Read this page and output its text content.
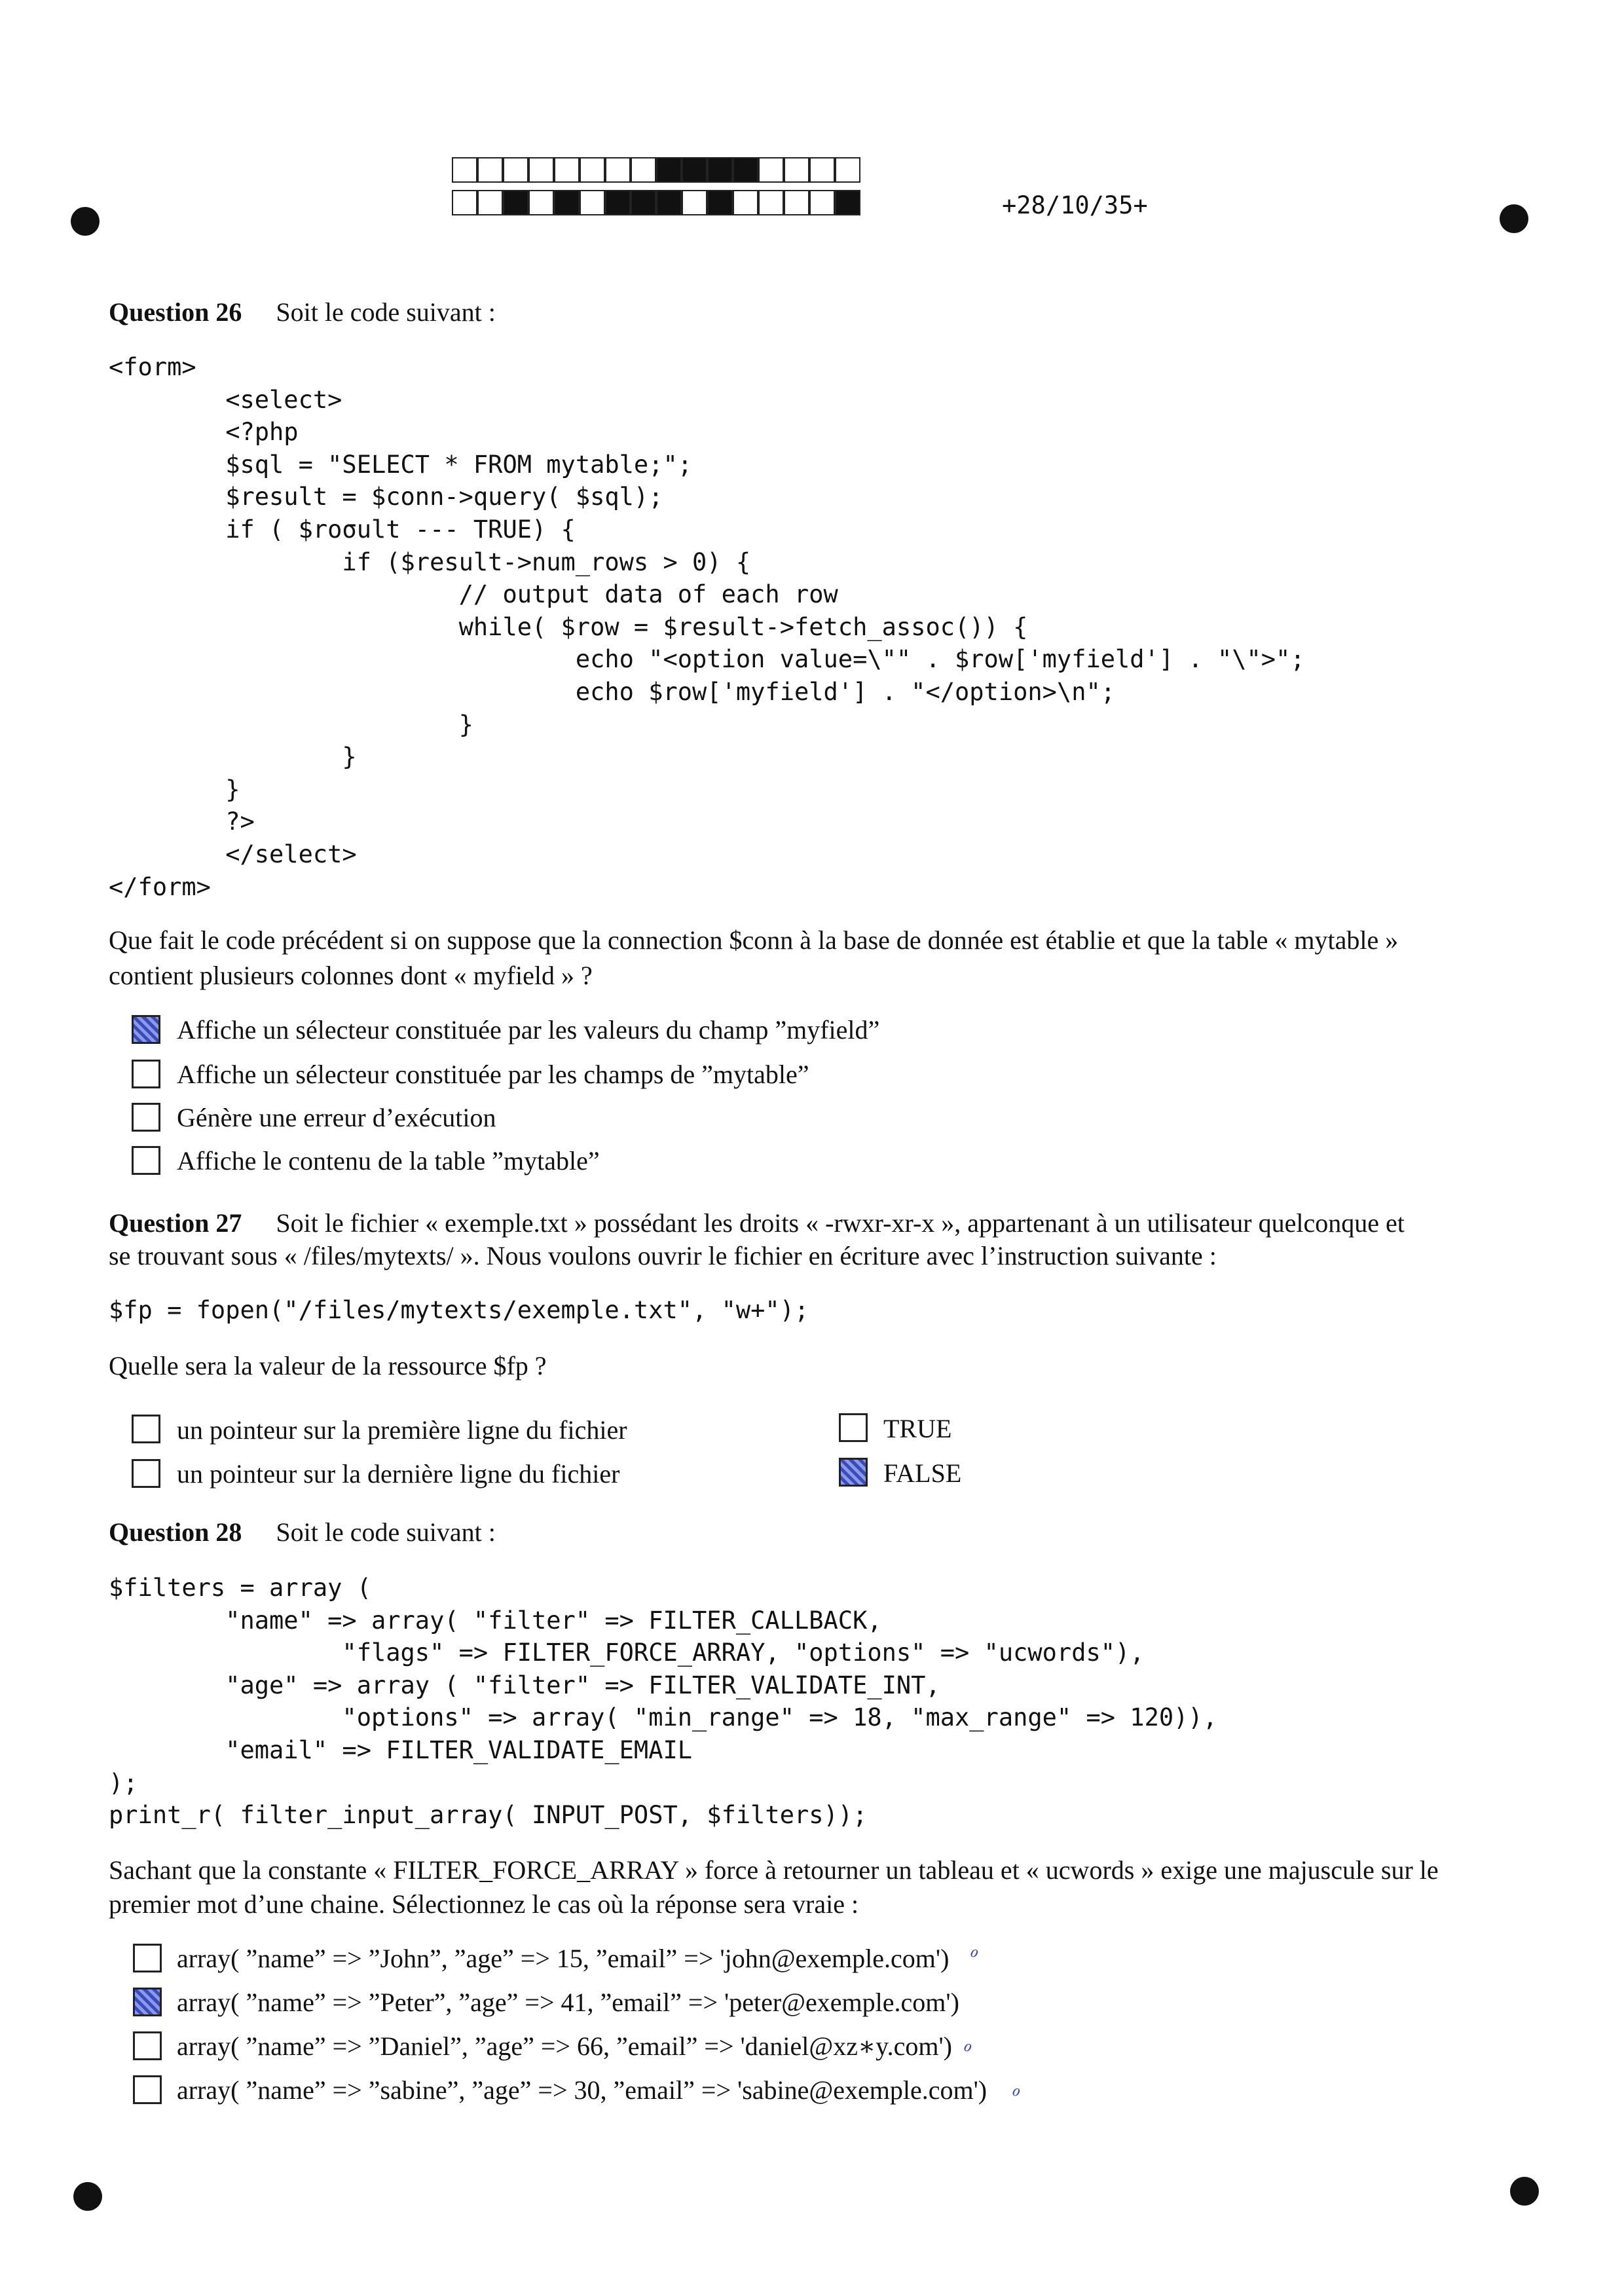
+28/10/35+
Question 26 Soit le code suivant :
<form>
<select>
<?php
$sql = "SELECT * FROM mytable;";
$result = $conn->query( $sql);
if ( $roσult --- TRUE) {
if ($result->num_rows > 0) {
// output data of each row
while( $row = $result->fetch_assoc()) {
echo "<option value=\"" . $row['myfield'] . "\">";
echo $row['myfield'] . "</option>\n";
}
}
}
?>
</select>
</form>
Que fait le code précédent si on suppose que la connection $conn à la base de donnée est établie et que la table « mytable »
contient plusieurs colonnes dont « myfield » ?
Affiche un sélecteur constituée par les valeurs du champ ”myfield”
Affiche un sélecteur constituée par les champs de ”mytable”
Génère une erreur d’exécution
Affiche le contenu de la table ”mytable”
Question 27 Soit le fichier « exemple.txt » possédant les droits « -rwxr-xr-x », appartenant à un utilisateur quelconque et
se trouvant sous « /files/mytexts/ ». Nous voulons ouvrir le fichier en écriture avec l’instruction suivante :
$fp = fopen("/files/mytexts/exemple.txt", "w+");
Quelle sera la valeur de la ressource $fp ?
un pointeur sur la première ligne du fichier
un pointeur sur la dernière ligne du fichier
TRUE
FALSE
Question 28 Soit le code suivant :
$filters = array (
"name" => array( "filter" => FILTER_CALLBACK,
"flags" => FILTER_FORCE_ARRAY, "options" => "ucwords"),
"age" => array ( "filter" => FILTER_VALIDATE_INT,
"options" => array( "min_range" => 18, "max_range" => 120)),
"email" => FILTER_VALIDATE_EMAIL
);
print_r( filter_input_array( INPUT_POST, $filters));
Sachant que la constante « FILTER_FORCE_ARRAY » force à retourner un tableau et « ucwords » exige une majuscule sur le
premier mot d’une chaine. Sélectionnez le cas où la réponse sera vraie :
array( ”name” => ”John”, ”age” => 15, ”email” => 'john@exemple.com') ℴ
array( ”name” => ”Peter”, ”age” => 41, ”email” => 'peter@exemple.com')
array( ”name” => ”Daniel”, ”age” => 66, ”email” => 'daniel@xz∗y.com') ℴ
array( ”name” => ”sabine”, ”age” => 30, ”email” => 'sabine@exemple.com') ℴ
